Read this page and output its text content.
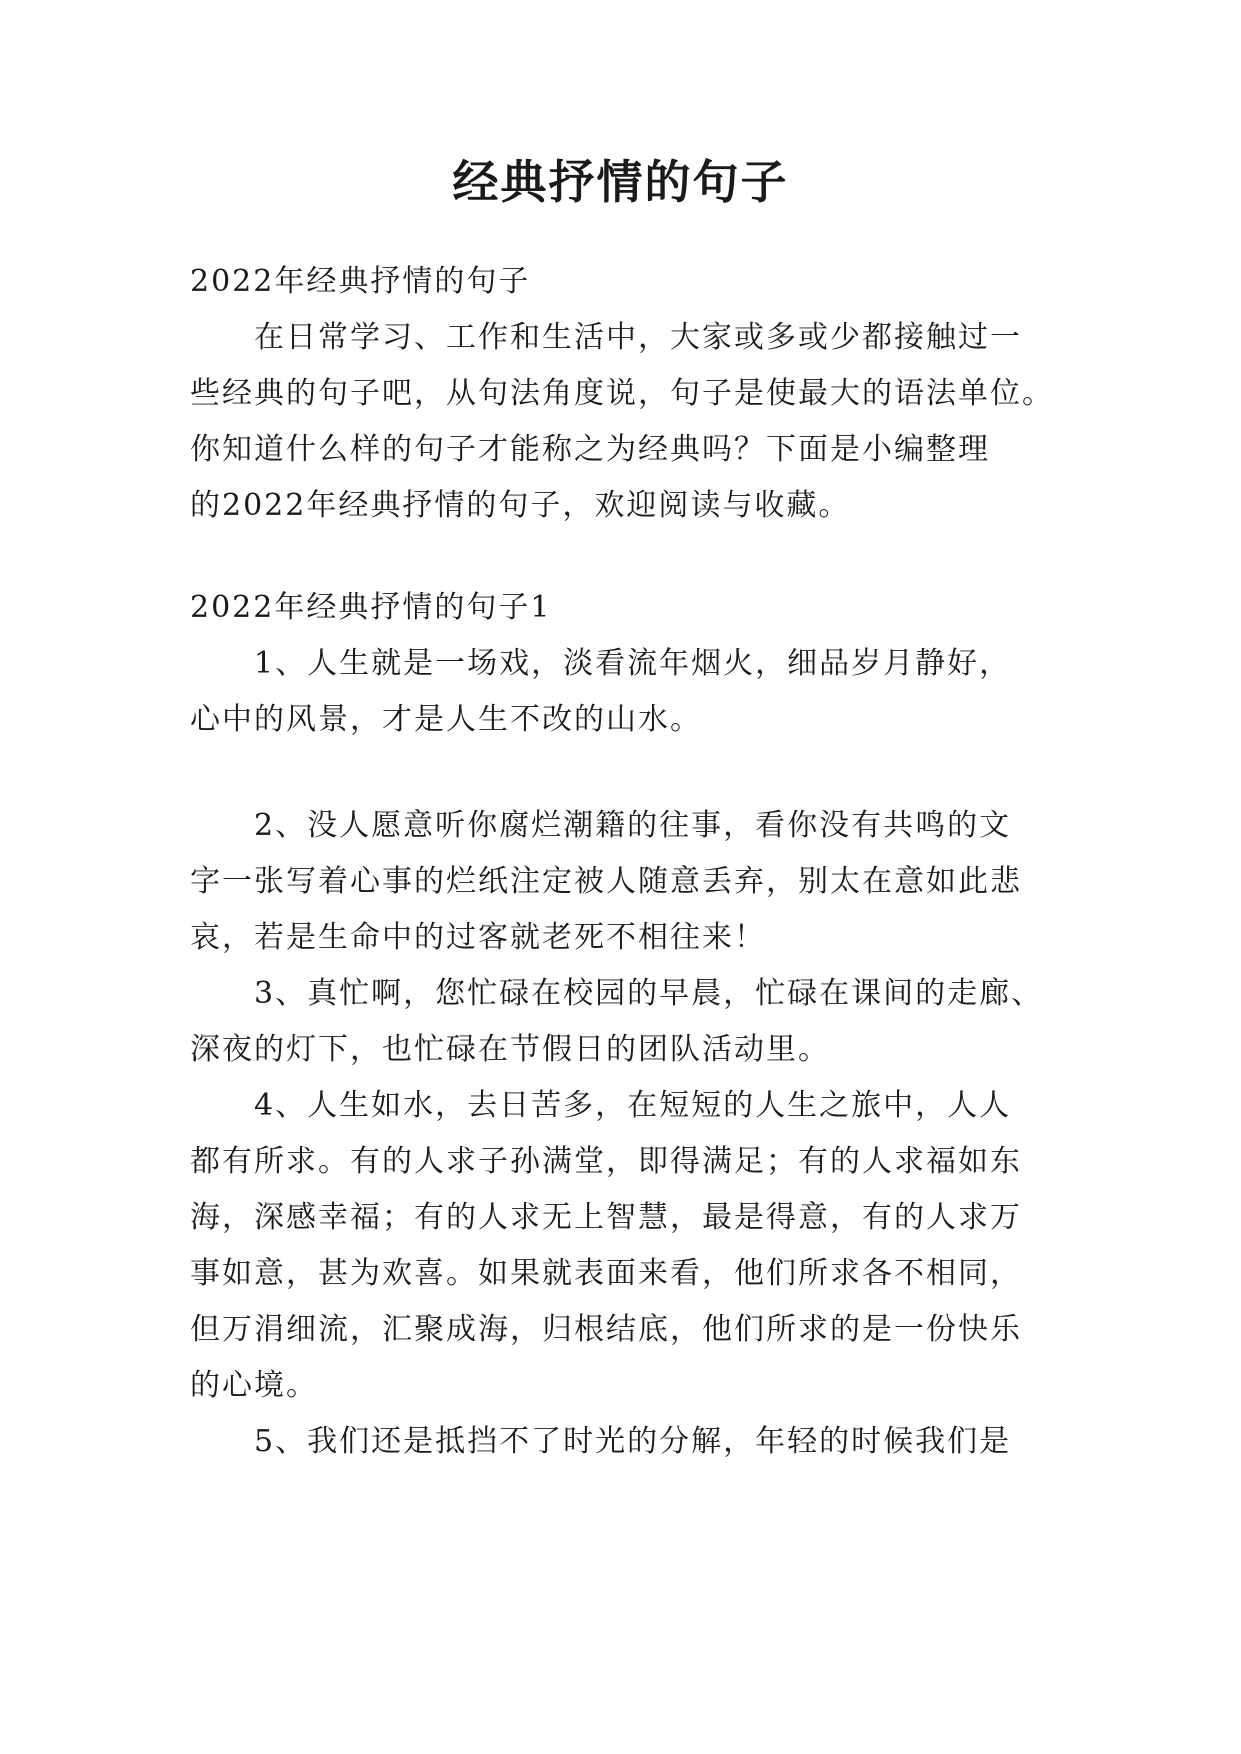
经典抒情的句子
2022年经典抒情的句子
在日常学习、工作和生活中，大家或多或少都接触过一
些经典的句子吧，从句法角度说，句子是使最大的语法单位。
你知道什么样的句子才能称之为经典吗？下面是小编整理
的2022年经典抒情的句子，欢迎阅读与收藏。
2022年经典抒情的句子1
1、人生就是一场戏，淡看流年烟火，细品岁月静好，
心中的风景，才是人生不改的山水。
2、没人愿意听你腐烂潮籍的往事，看你没有共鸣的文
字一张写着心事的烂纸注定被人随意丢弃，别太在意如此悲
哀，若是生命中的过客就老死不相往来！
3、真忙啊，您忙碌在校园的早晨，忙碌在课间的走廊、
深夜的灯下，也忙碌在节假日的团队活动里。
4、人生如水，去日苦多，在短短的人生之旅中，人人
都有所求。有的人求子孙满堂，即得满足；有的人求福如东
海，深感幸福；有的人求无上智慧，最是得意，有的人求万
事如意，甚为欢喜。如果就表面来看，他们所求各不相同，
但万涓细流，汇聚成海，归根结底，他们所求的是一份快乐
的心境。
5、我们还是抵挡不了时光的分解，年轻的时候我们是
